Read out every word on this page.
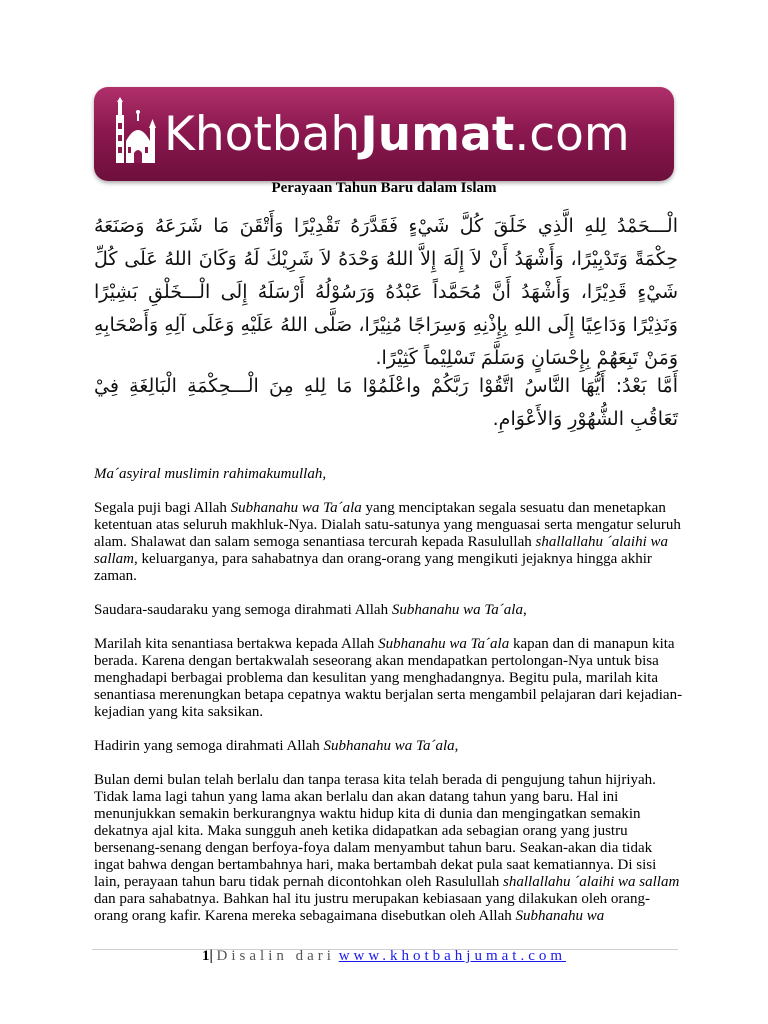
Khotbah Jumat .com
Perayaan Tahun Baru dalam Islam
الْـــحَمْدُ لِلهِ الَّذِي خَلَقَ كُلَّ شَيْءٍ فَقَدَّرَهُ تَقْدِيْرًا وَأَتْقَنَ مَا شَرَعَهُ وَصَنَعَهُ حِكْمَةً وَتَدْبِيْرًا، وَأَشْهَدُ أَنْ لاَ إِلَهَ إِلاَّ اللهُ وَحْدَهُ لاَ شَرِيْكَ لَهُ وَكَانَ اللهُ عَلَى كُلِّ شَيْءٍ قَدِيْرًا، وَأَشْهَدُ أَنَّ مُحَمَّداً عَبْدُهُ وَرَسُوْلُهُ أَرْسَلَهُ إِلَى الْـــخَلْقِ بَشِيْرًا وَنَذِيْرًا وَدَاعِيًا إِلَى اللهِ بِإِذْنِهِ وَسِرَاجًا مُنِيْرًا، صَلَّى اللهُ عَلَيْهِ وَعَلَى آلِهِ وَأَصْحَابِهِ وَمَنْ تَبِعَهُمْ بِإِحْسَانٍ وَسَلَّمَ تَسْلِيْماً كَثِيْرًا.
أَمَّا بَعْدُ: أَيُّهَا النَّاسُ اتَّقُوْا رَبَّكُمْ واعْلَمُوْا مَا لِلهِ مِنَ الْـــحِكْمَةِ الْبَالِغَةِ فِيْ تَعَاقُبِ الشُّهُوْرِ وَالأَعْوَامِ.
Ma´asyiral muslimin rahimakumullah,

Segala puji bagi Allah Subhanahu wa Ta´ala yang menciptakan segala sesuatu dan menetapkan ketentuan atas seluruh makhluk-Nya. Dialah satu-satunya yang menguasai serta mengatur seluruh alam. Shalawat dan salam semoga senantiasa tercurah kepada Rasulullah shallallahu ´alaihi wa sallam, keluarganya, para sahabatnya dan orang-orang yang mengikuti jejaknya hingga akhir zaman.

Saudara-saudaraku yang semoga dirahmati Allah Subhanahu wa Ta´ala,

Marilah kita senantiasa bertakwa kepada Allah Subhanahu wa Ta´ala kapan dan di manapun kita berada. Karena dengan bertakwalah seseorang akan mendapatkan pertolongan-Nya untuk bisa menghadapi berbagai problema dan kesulitan yang menghadangnya. Begitu pula, marilah kita senantiasa merenungkan betapa cepatnya waktu berjalan serta mengambil pelajaran dari kejadian-kejadian yang kita saksikan.

Hadirin yang semoga dirahmati Allah Subhanahu wa Ta´ala,

Bulan demi bulan telah berlalu dan tanpa terasa kita telah berada di pengujung tahun hijriyah. Tidak lama lagi tahun yang lama akan berlalu dan akan datang tahun yang baru. Hal ini menunjukkan semakin berkurangnya waktu hidup kita di dunia dan mengingatkan semakin dekatnya ajal kita. Maka sungguh aneh ketika didapatkan ada sebagian orang yang justru bersenang-senang dengan berfoya-foya dalam menyambut tahun baru. Seakan-akan dia tidak ingat bahwa dengan bertambahnya hari, maka bertambah dekat pula saat kematiannya. Di sisi lain, perayaan tahun baru tidak pernah dicontohkan oleh Rasulullah shallallahu ´alaihi wa sallam dan para sahabatnya. Bahkan hal itu justru merupakan kebiasaan yang dilakukan oleh orang-orang orang kafir. Karena mereka sebagaimana disebutkan oleh Allah Subhanahu wa

1| Disalin dari www.khotbahjumat.com
